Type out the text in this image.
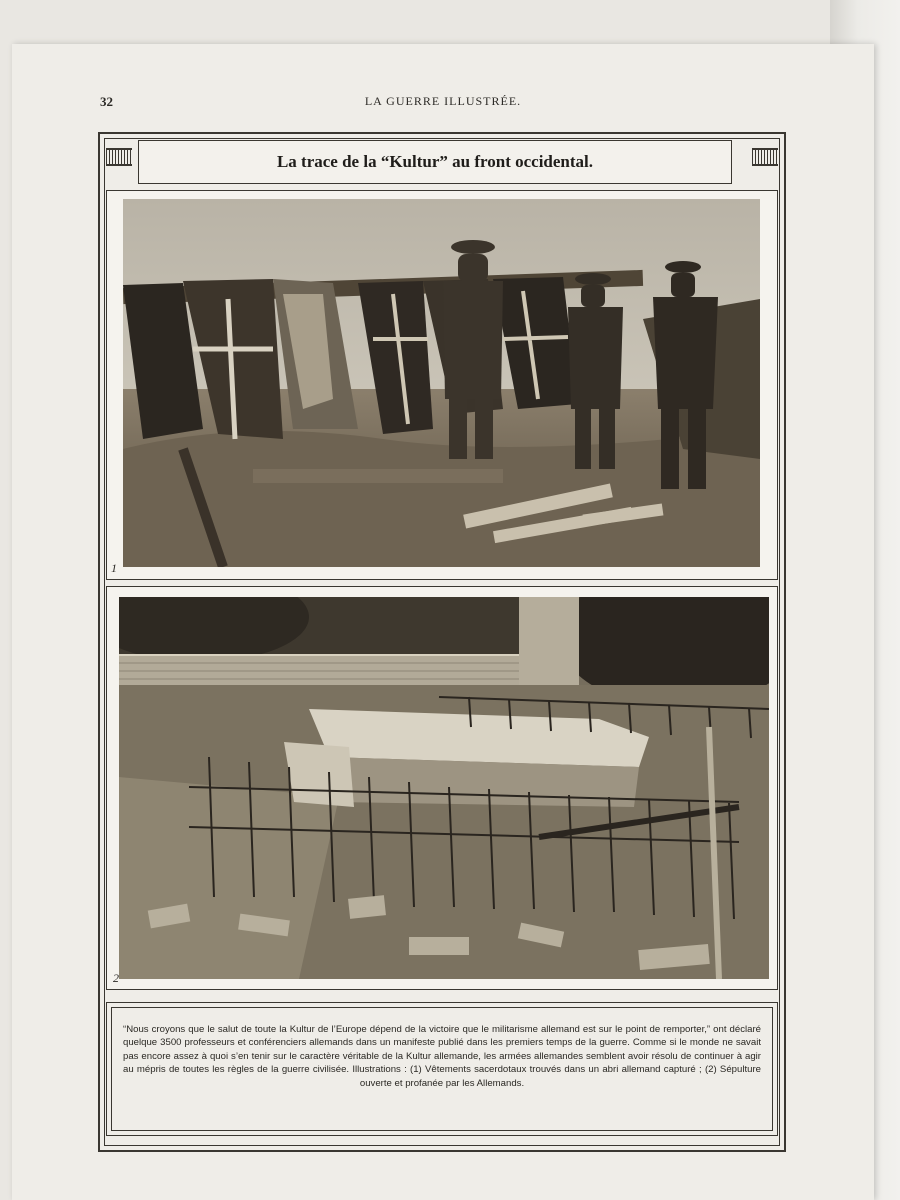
32	LA GUERRE ILLUSTRÉE.
La trace de la “Kultur” au front occidental.
1
2

“Nous croyons que le salut de toute la Kultur de l’Europe dépend de la victoire que le militarisme allemand est sur le point de remporter,” ont déclaré quelque 3500 professeurs et conférenciers allemands dans un manifeste publié dans les premiers temps de la guerre. Comme si le monde ne savait pas encore assez à quoi s’en tenir sur le caractère véritable de la Kultur allemande, les armées allemandes semblent avoir résolu de continuer à agir au mépris de toutes les règles de la guerre civilisée. Illustrations : (1) Vêtements sacerdotaux trouvés dans un abri allemand capturé ; (2) Sépulture ouverte et profanée par les Allemands.
